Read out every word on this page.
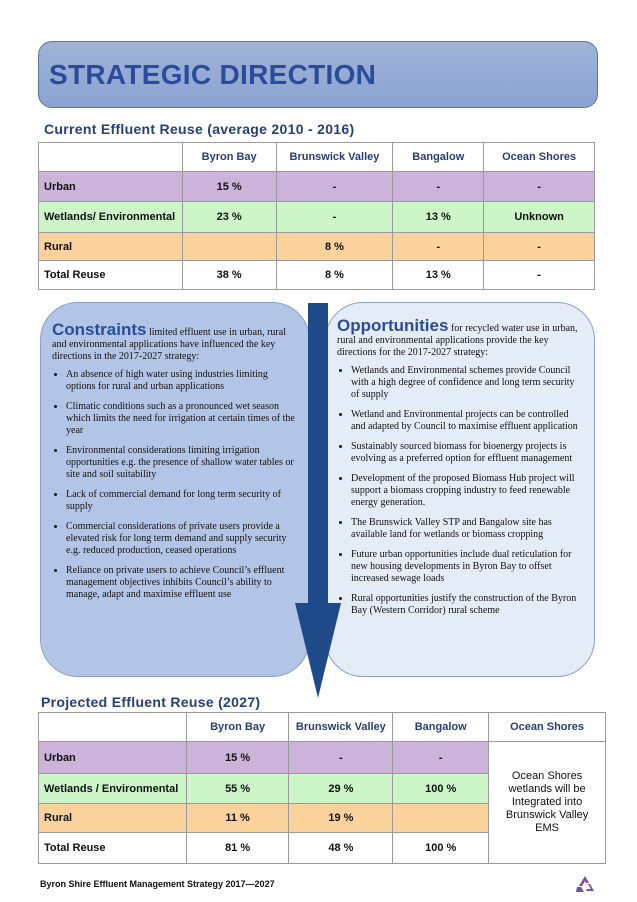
STRATEGIC DIRECTION
Current Effluent Reuse (average 2010 - 2016)
	Byron Bay	Brunswick Valley	Bangalow	Ocean Shores
Urban	15 %	-	-	-
Wetlands/ Environmental	23 %	-	13 %	Unknown
Rural		8 %	-	-
Total Reuse	38 %	8 %	13 %	-
Constraints limited effluent use in urban, rural and environmental applications have influenced the key directions in the 2017-2027 strategy:
• An absence of high water using industries limiting options for rural and urban applications
• Climatic conditions such as a pronounced wet season which limits the need for irrigation at certain times of the year
• Environmental considerations limiting irrigation opportunities e.g. the presence of shallow water tables or site and soil suitability
• Lack of commercial demand for long term security of supply
• Commercial considerations of private users provide a elevated risk for long term demand and supply security e.g. reduced production, ceased operations
• Reliance on private users to achieve Council’s effluent management objectives inhibits Council’s ability to manage, adapt and maximise effluent use
Opportunities for recycled water use in urban, rural and environmental applications provide the key directions for the 2017-2027 strategy:
• Wetlands and Environmental schemes provide Council with a high degree of confidence and long term security of supply
• Wetland and Environmental projects can be controlled and adapted by Council to maximise effluent application
• Sustainably sourced biomass for bioenergy projects is evolving as a preferred option for effluent management
• Development of the proposed Biomass Hub project will support a biomass cropping industry to feed renewable energy generation.
• The Brunswick Valley STP and Bangalow site has available land for wetlands or biomass cropping
• Future urban opportunities include dual reticulation for new housing developments in Byron Bay to offset increased sewage loads
• Rural opportunities justify the construction of the Byron Bay (Western Corridor) rural scheme
Projected Effluent Reuse (2027)
	Byron Bay	Brunswick Valley	Bangalow	Ocean Shores
Urban	15 %	-	-	Ocean Shores wetlands will be Integrated into Brunswick Valley EMS
Wetlands / Environmental	55 %	29 %	100 %	
Rural	11 %	19 %		
Total Reuse	81 %	48 %	100 %	
Byron Shire Effluent Management Strategy 2017—2027
